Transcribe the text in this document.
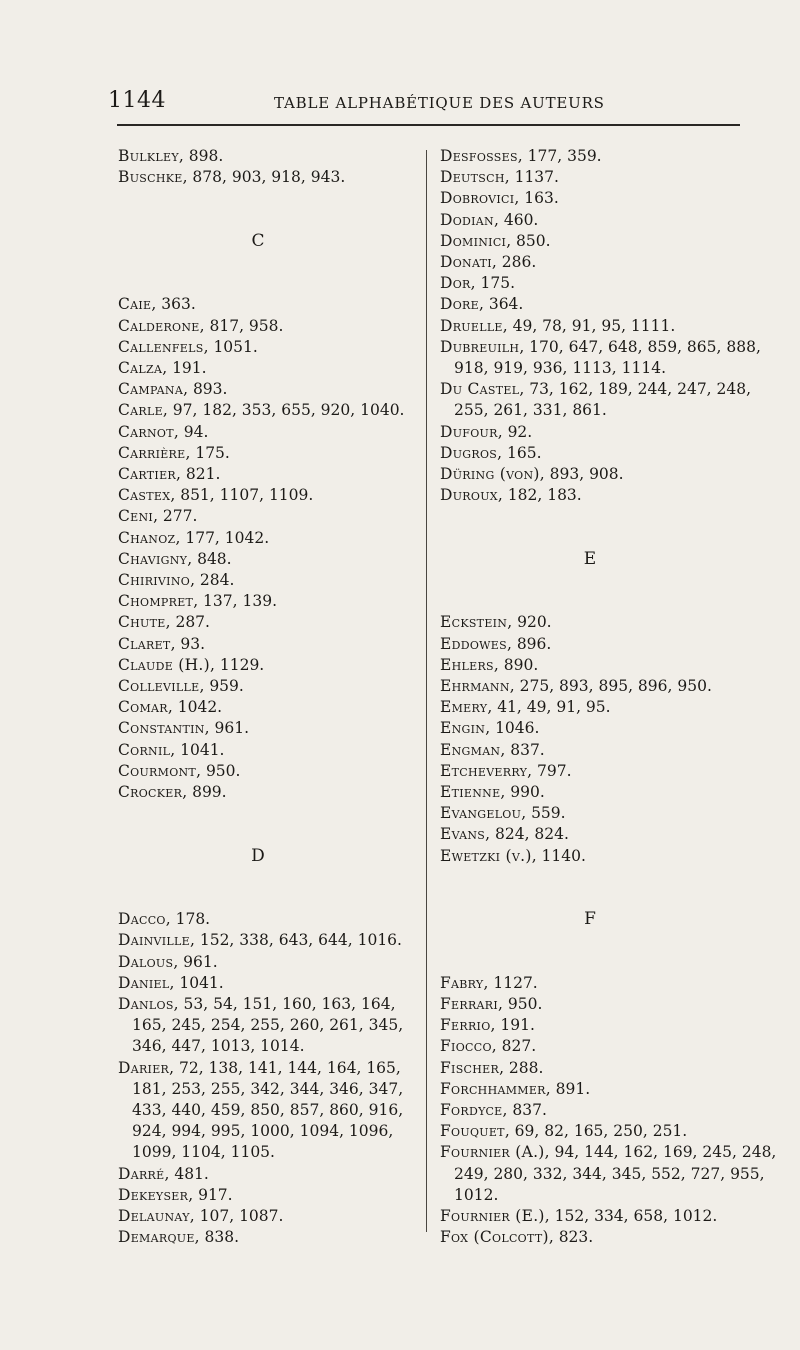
1144	TABLE ALPHABÉTIQUE DES AUTEURS
Bulkley, 898.
Buschke, 878, 903, 918, 943.
C
Caie, 363.
Calderone, 817, 958.
Callenfels, 1051.
Calza, 191.
Campana, 893.
Carle, 97, 182, 353, 655, 920, 1040.
Carnot, 94.
Carrière, 175.
Cartier, 821.
Castex, 851, 1107, 1109.
Ceni, 277.
Chanoz, 177, 1042.
Chavigny, 848.
Chirivino, 284.
Chompret, 137, 139.
Chute, 287.
Claret, 93.
Claude (H.), 1129.
Colleville, 959.
Comar, 1042.
Constantin, 961.
Cornil, 1041.
Courmont, 950.
Crocker, 899.
D
Dacco, 178.
Dainville, 152, 338, 643, 644, 1016.
Dalous, 961.
Daniel, 1041.
Danlos, 53, 54, 151, 160, 163, 164, 165, 245, 254, 255, 260, 261, 345, 346, 447, 1013, 1014.
Darier, 72, 138, 141, 144, 164, 165, 181, 253, 255, 342, 344, 346, 347, 433, 440, 459, 850, 857, 860, 916, 924, 994, 995, 1000, 1094, 1096, 1099, 1104, 1105.
Darré, 481.
Dekeyser, 917.
Delaunay, 107, 1087.
Demarque, 838.
Desfosses, 177, 359.
Deutsch, 1137.
Dobrovici, 163.
Dodian, 460.
Dominici, 850.
Donati, 286.
Dor, 175.
Dore, 364.
Druelle, 49, 78, 91, 95, 1111.
Dubreuilh, 170, 647, 648, 859, 865, 888, 918, 919, 936, 1113, 1114.
Du Castel, 73, 162, 189, 244, 247, 248, 255, 261, 331, 861.
Dufour, 92.
Dugros, 165.
Düring (von), 893, 908.
Duroux, 182, 183.
E
Eckstein, 920.
Eddowes, 896.
Ehlers, 890.
Ehrmann, 275, 893, 895, 896, 950.
Emery, 41, 49, 91, 95.
Engin, 1046.
Engman, 837.
Etcheverry, 797.
Etienne, 990.
Evangelou, 559.
Evans, 824, 824.
Ewetzki (v.), 1140.
F
Fabry, 1127.
Ferrari, 950.
Ferrio, 191.
Fiocco, 827.
Fischer, 288.
Forchhammer, 891.
Fordyce, 837.
Fouquet, 69, 82, 165, 250, 251.
Fournier (A.), 94, 144, 162, 169, 245, 248, 249, 280, 332, 344, 345, 552, 727, 955, 1012.
Fournier (E.), 152, 334, 658, 1012.
Fox (Colcott), 823.
